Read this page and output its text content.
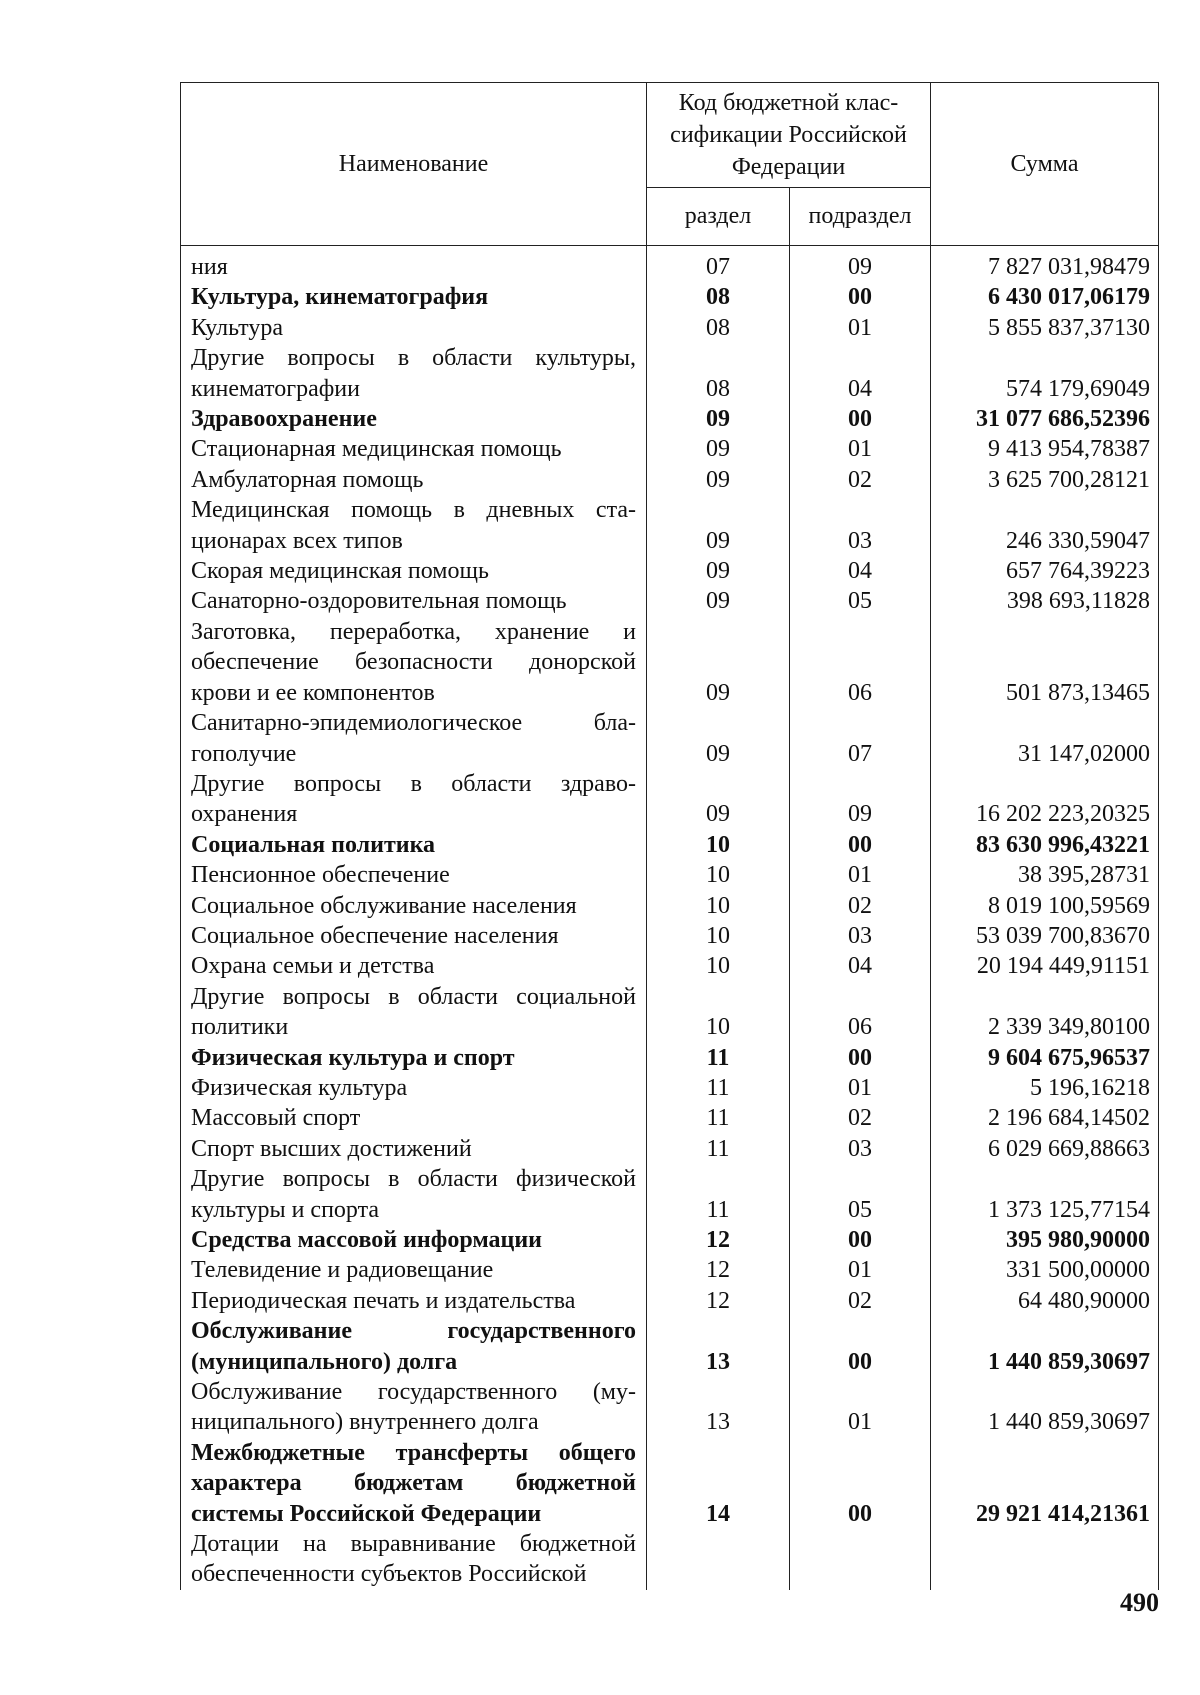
Наименование	Код бюджетной клас-
сификации Российской
Федерации		Сумма
	раздел	подраздел	

ния	07	09	7 827 031,98479

Культура, кинематография	08	00	6 430 017,06179

Культура	08	01	5 855 837,37130

Другие вопросы в области культуры,
кинематографии	08	04	574 179,69049

Здравоохранение	09	00	31 077 686,52396

Стационарная медицинская помощь	09	01	9 413 954,78387

Амбулаторная помощь	09	02	3 625 700,28121

Медицинская помощь в дневных ста-
ционарах всех типов	09	03	246 330,59047

Скорая медицинская помощь	09	04	657 764,39223

Санаторно-оздоровительная помощь	09	05	398 693,11828

Заготовка, переработка, хранение и
обеспечение безопасности донорской
крови и ее компонентов	09	06	501 873,13465

Санитарно-эпидемиологическое бла-
гополучие	09	07	31 147,02000

Другие вопросы в области здраво-
охранения	09	09	16 202 223,20325

Социальная политика	10	00	83 630 996,43221

Пенсионное обеспечение	10	01	38 395,28731

Социальное обслуживание населения	10	02	8 019 100,59569

Социальное обеспечение населения	10	03	53 039 700,83670

Охрана семьи и детства	10	04	20 194 449,91151

Другие вопросы в области социальной
политики	10	06	2 339 349,80100

Физическая культура и спорт	11	00	9 604 675,96537

Физическая культура	11	01	5 196,16218

Массовый спорт	11	02	2 196 684,14502

Спорт высших достижений	11	03	6 029 669,88663

Другие вопросы в области физической
культуры и спорта	11	05	1 373 125,77154

Средства массовой информации	12	00	395 980,90000

Телевидение и радиовещание	12	01	331 500,00000

Периодическая печать и издательства	12	02	64 480,90000

Обслуживание государственного
(муниципального) долга	13	00	1 440 859,30697

Обслуживание государственного (му-
ниципального) внутреннего долга	13	01	1 440 859,30697

Межбюджетные трансферты общего
характера бюджетам бюджетной
системы Российской Федерации	14	00	29 921 414,21361

Дотации на выравнивание бюджетной
обеспеченности субъектов Российской			

490
